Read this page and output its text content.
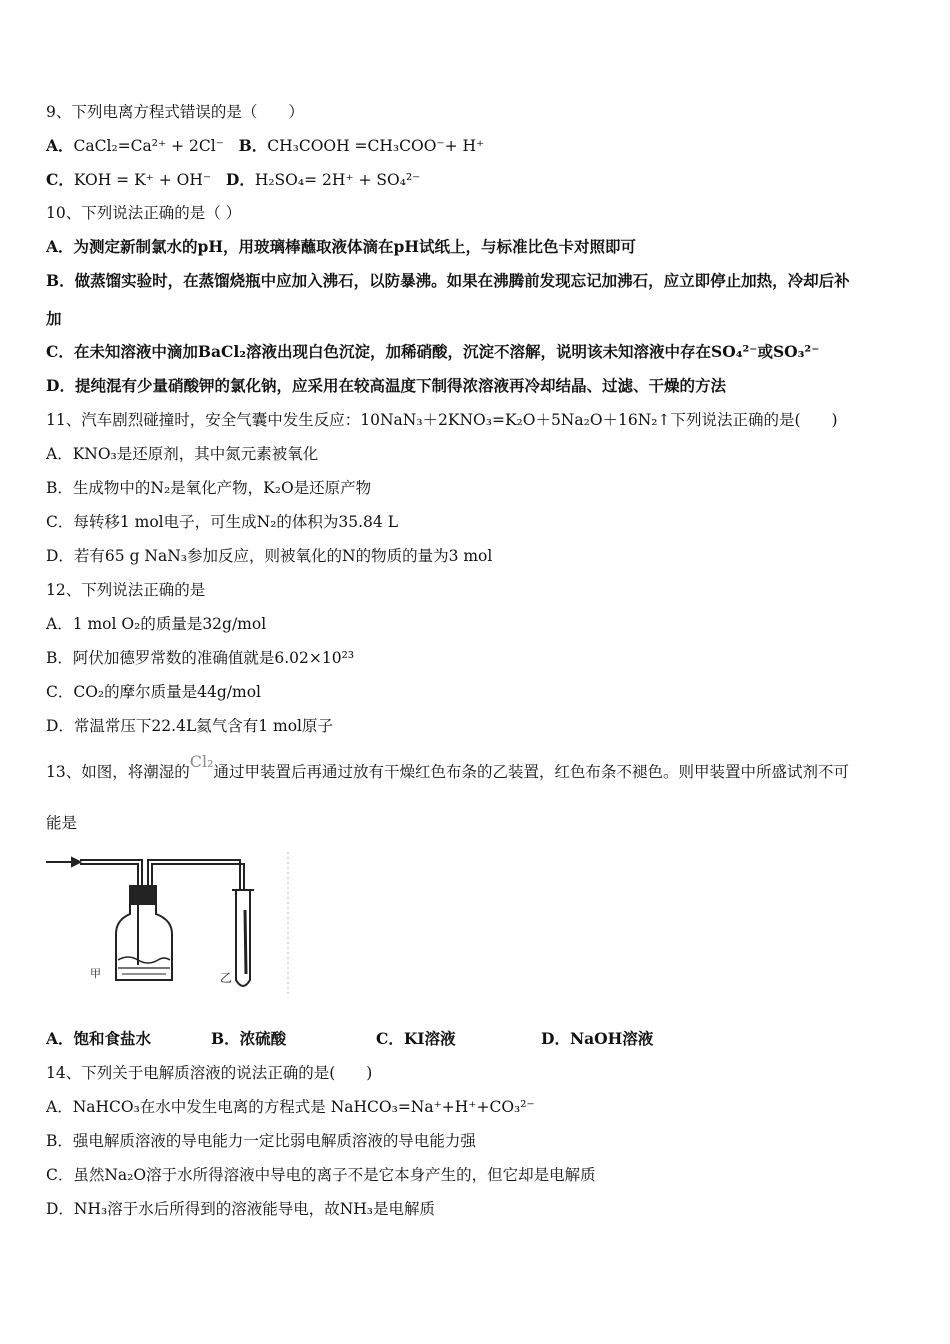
9、下列电离方程式错误的是（　　）
A．CaCl₂=Ca²⁺ + 2Cl⁻ B．CH₃COOH =CH₃COO⁻+ H⁺
C．KOH = K⁺ + OH⁻ D．H₂SO₄= 2H⁺ + SO₄²⁻
10、下列说法正确的是（ ）
A．为测定新制氯水的pH，用玻璃棒蘸取液体滴在pH试纸上，与标准比色卡对照即可
B．做蒸馏实验时，在蒸馏烧瓶中应加入沸石，以防暴沸。如果在沸腾前发现忘记加沸石，应立即停止加热，冷却后补
加
C．在未知溶液中滴加BaCl₂溶液出现白色沉淀，加稀硝酸，沉淀不溶解，说明该未知溶液中存在SO₄²⁻或SO₃²⁻
D．提纯混有少量硝酸钾的氯化钠，应采用在较高温度下制得浓溶液再冷却结晶、过滤、干燥的方法
11、汽车剧烈碰撞时，安全气囊中发生反应：10NaN₃＋2KNO₃=K₂O＋5Na₂O＋16N₂↑下列说法正确的是(　　)
A．KNO₃是还原剂，其中氮元素被氧化
B．生成物中的N₂是氧化产物，K₂O是还原产物
C．每转移1 mol电子，可生成N₂的体积为35.84 L
D．若有65 g NaN₃参加反应，则被氧化的N的物质的量为3 mol
12、下列说法正确的是
A．1 mol O₂的质量是32g/mol
B．阿伏加德罗常数的准确值就是6.02×10²³
C．CO₂的摩尔质量是44g/mol
D．常温常压下22.4L氦气含有1 mol原子
13、如图，将潮湿的Cl₂通过甲装置后再通过放有干燥红色布条的乙装置，红色布条不褪色。则甲装置中所盛试剂不可
能是
甲	乙
A．饱和食盐水	B．浓硫酸	C．KI溶液	D．NaOH溶液
14、下列关于电解质溶液的说法正确的是(　　)
A．NaHCO₃在水中发生电离的方程式是 NaHCO₃=Na⁺+H⁺+CO₃²⁻
B．强电解质溶液的导电能力一定比弱电解质溶液的导电能力强
C．虽然Na₂O溶于水所得溶液中导电的离子不是它本身产生的，但它却是电解质
D．NH₃溶于水后所得到的溶液能导电，故NH₃是电解质
